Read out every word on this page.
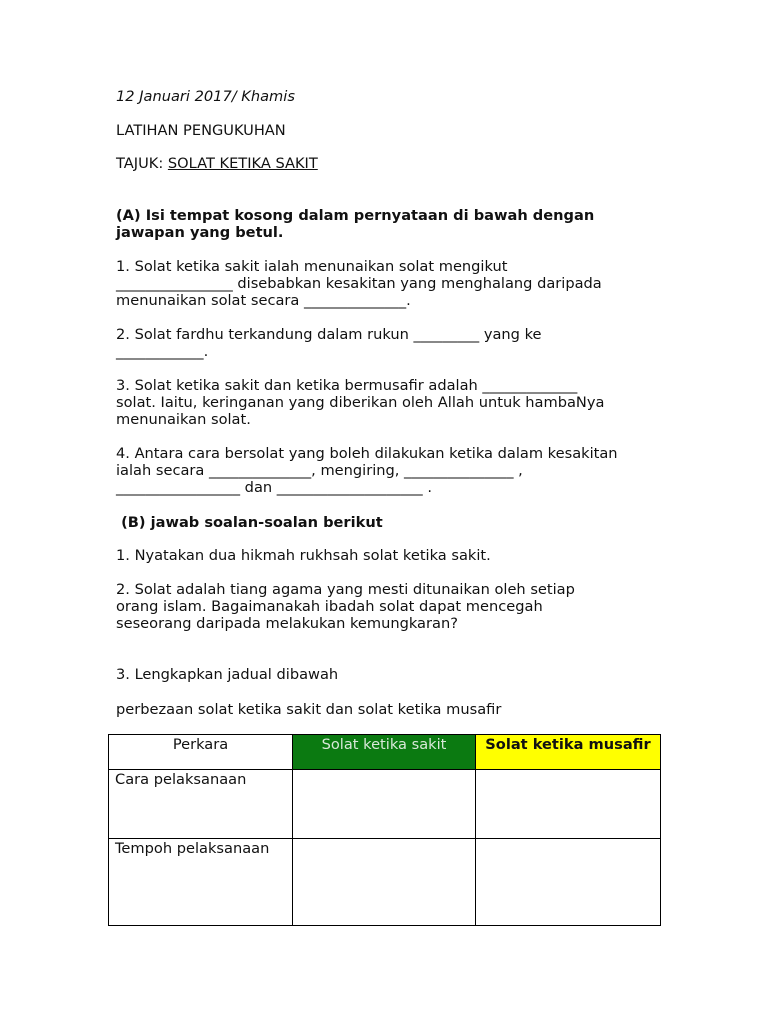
12 Januari 2017/ Khamis

LATIHAN PENGUKUHAN

TAJUK: SOLAT KETIKA SAKIT

(A) Isi tempat kosong dalam pernyataan di bawah dengan jawapan yang betul.
1. Solat ketika sakit ialah menunaikan solat mengikut
________________ disebabkan kesakitan yang menghalang daripada
menunaikan solat secara ______________.
2. Solat fardhu terkandung dalam rukun _________ yang ke
____________.
3. Solat ketika sakit dan ketika bermusafir adalah _____________
solat. Iaitu, keringanan yang diberikan oleh Allah untuk hambaNya
menunaikan solat.
4. Antara cara bersolat yang boleh dilakukan ketika dalam kesakitan
ialah secara ______________, mengiring, _______________ ,
_________________ dan ____________________ .
(B) jawab soalan-soalan berikut
1. Nyatakan dua hikmah rukhsah solat ketika sakit.
2. Solat adalah tiang agama yang mesti ditunaikan oleh setiap
orang islam. Bagaimanakah ibadah solat dapat mencegah
seseorang daripada melakukan kemungkaran?
3. Lengkapkan jadual dibawah
perbezaan solat ketika sakit dan solat ketika musafir
Perkara	Solat ketika sakit	Solat ketika musafir
Cara pelaksanaan		
Tempoh pelaksanaan		
